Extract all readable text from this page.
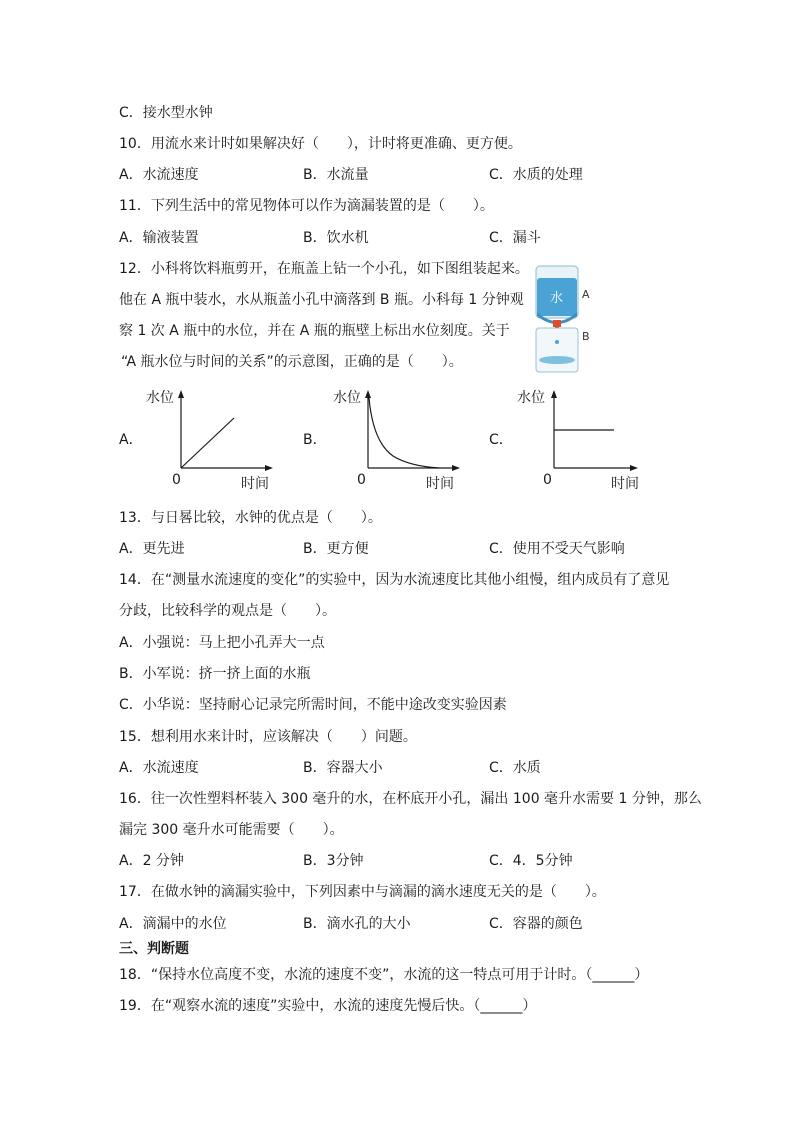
C．接水型水钟
10．用流水来计时如果解决好（　　），计时将更准确、更方便。
A．水流速度	B．水流量	C．水质的处理
11．下列生活中的常见物体可以作为滴漏装置的是（　　）。
A．输液装置	B．饮水机	C．漏斗
12．小科将饮料瓶剪开，在瓶盖上钻一个小孔，如下图组装起来。
他在 A 瓶中装水，水从瓶盖小孔中滴落到 B 瓶。小科每 1 分钟观
察 1 次 A 瓶中的水位，并在 A 瓶的瓶壁上标出水位刻度。关于
“A 瓶水位与时间的关系”的示意图，正确的是（　　）。
水 A
B
A．
水位
0	时间
B．
水位
0	时间
C．
水位
0	时间
13．与日晷比较，水钟的优点是（　　）。
A．更先进	B．更方便	C．使用不受天气影响
14．在“测量水流速度的变化”的实验中，因为水流速度比其他小组慢，组内成员有了意见
分歧，比较科学的观点是（　　）。
A．小强说：马上把小孔弄大一点
B．小军说：挤一挤上面的水瓶
C．小华说：坚持耐心记录完所需时间，不能中途改变实验因素
15．想利用水来计时，应该解决（　　）问题。
A．水流速度	B．容器大小	C．水质
16．往一次性塑料杯装入 300 毫升的水，在杯底开小孔，漏出 100 毫升水需要 1 分钟，那么
漏完 300 毫升水可能需要（　　）。
A．2 分钟	B．3分钟	C．4．5分钟
17．在做水钟的滴漏实验中，下列因素中与滴漏的滴水速度无关的是（　　）。
A．滴漏中的水位	B．滴水孔的大小	C．容器的颜色
三、判断题
18．“保持水位高度不变，水流的速度不变”，水流的这一特点可用于计时。（______）
19．在“观察水流的速度”实验中，水流的速度先慢后快。（______）
